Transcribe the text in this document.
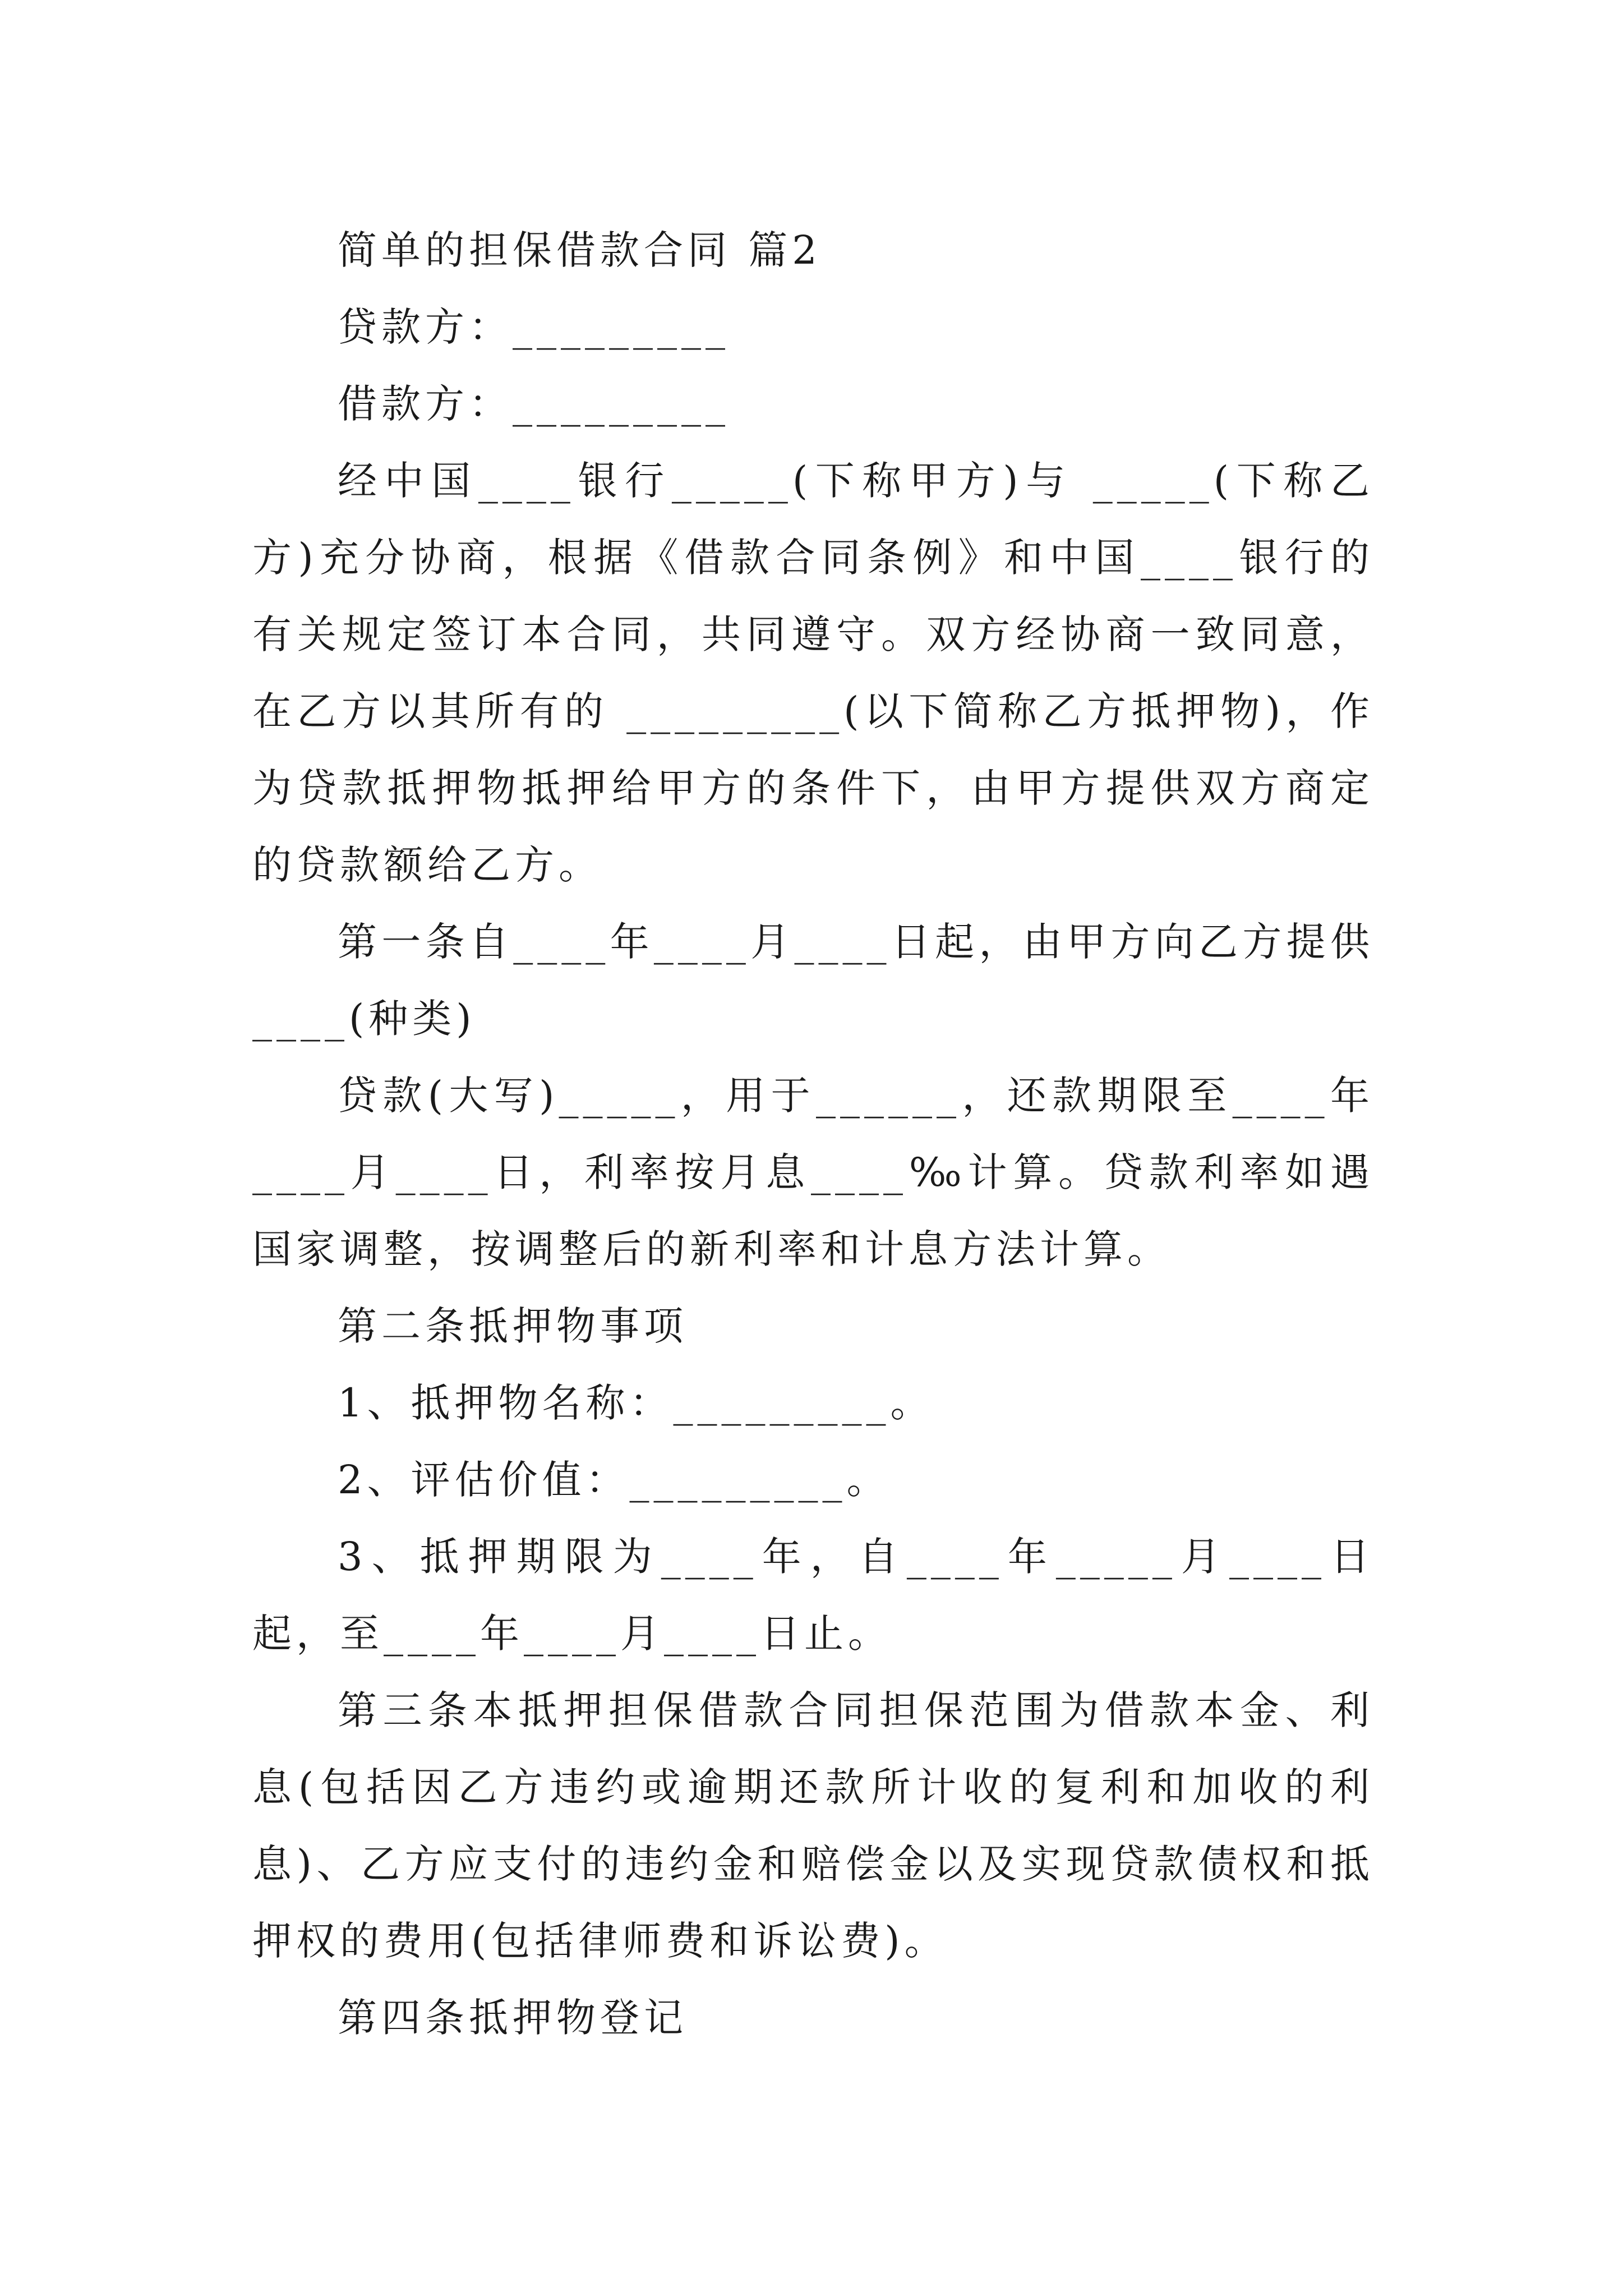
简单的担保借款合同 篇2

贷款方：_________

借款方：_________

经中国____银行_____(下称甲方)与 _____(下称乙方)充分协商，根据《借款合同条例》和中国____银行的有关规定签订本合同，共同遵守。双方经协商一致同意，在乙方以其所有的 _________(以下简称乙方抵押物)，作为贷款抵押物抵押给甲方的条件下，由甲方提供双方商定的贷款额给乙方。

第一条自____年____月____日起，由甲方向乙方提供____(种类)

贷款(大写)_____，用于______，还款期限至____年____月____日，利率按月息____‰计算。贷款利率如遇国家调整，按调整后的新利率和计息方法计算。

第二条抵押物事项

1、抵押物名称：_________。

2、评估价值：_________。

3、抵押期限为____年，自____年_____月____日起，至____年____月____日止。

第三条本抵押担保借款合同担保范围为借款本金、利息(包括因乙方违约或逾期还款所计收的复利和加收的利息)、乙方应支付的违约金和赔偿金以及实现贷款债权和抵押权的费用(包括律师费和诉讼费)。

第四条抵押物登记
